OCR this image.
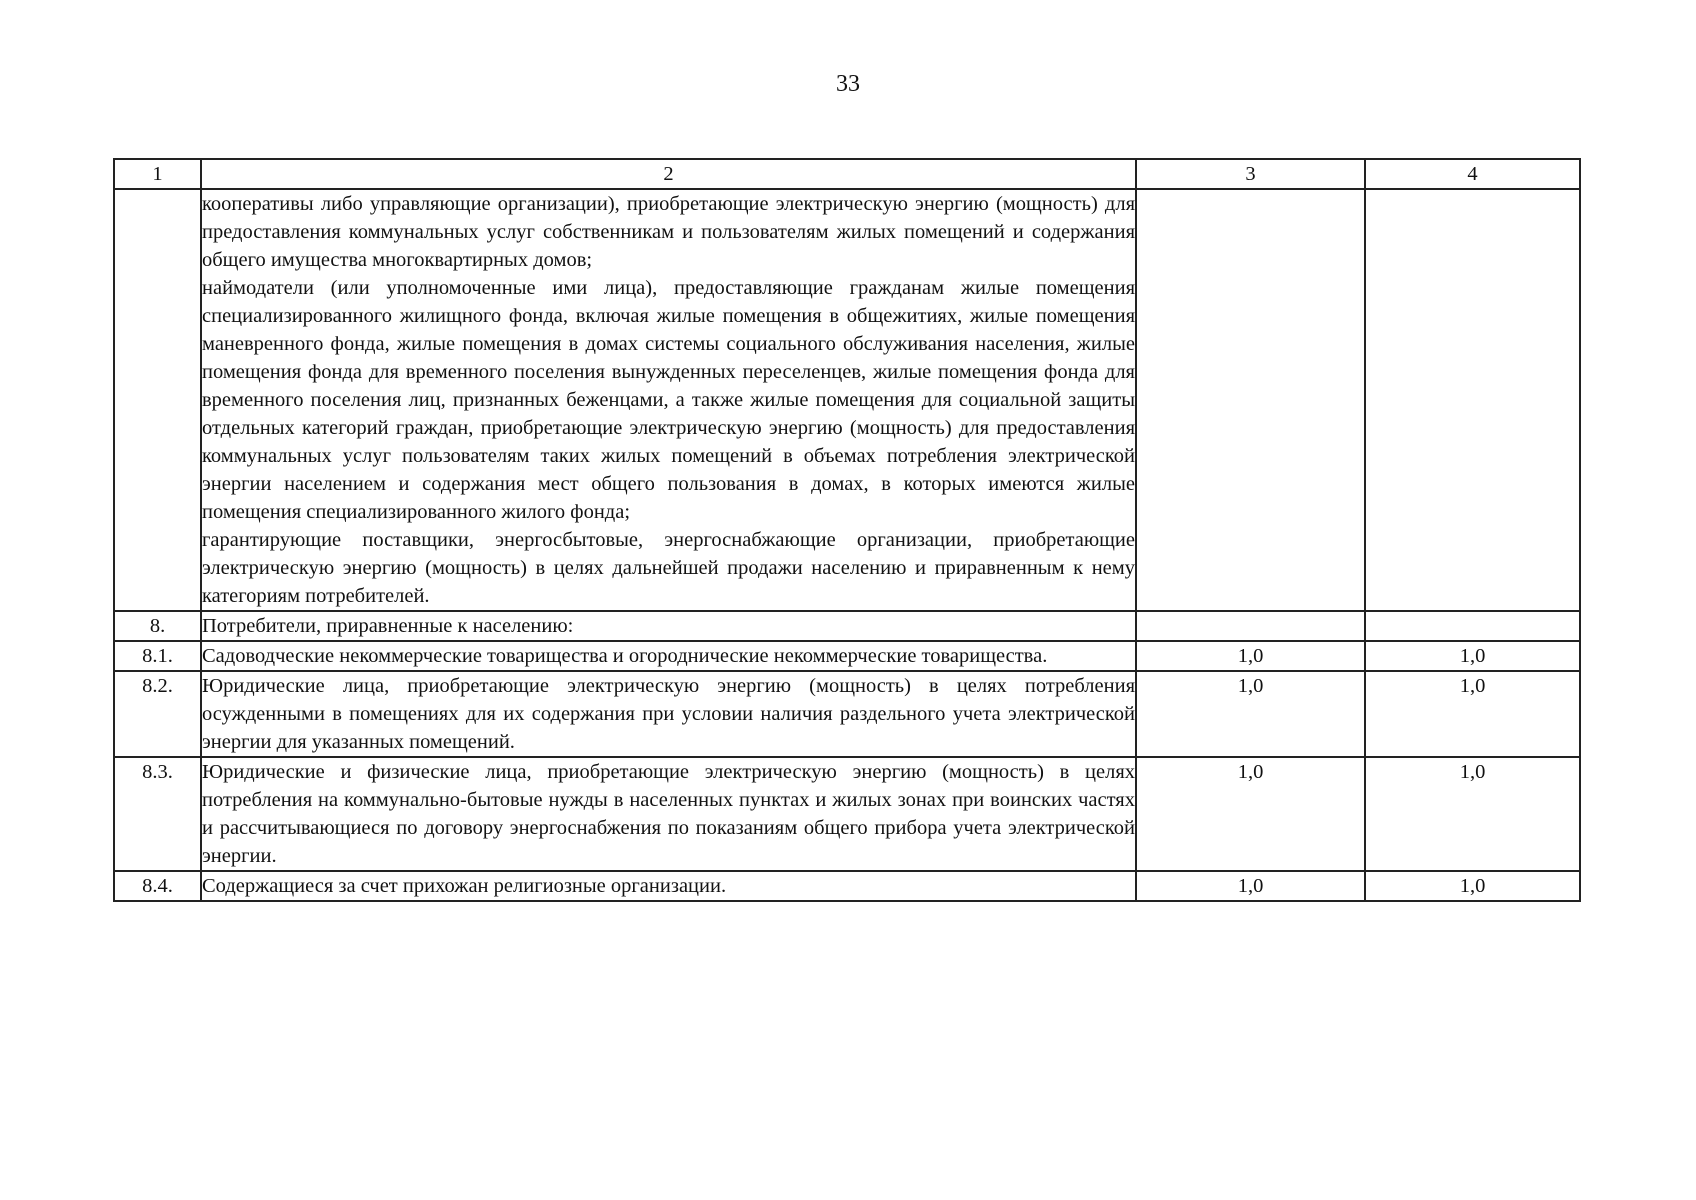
33
1	2	3	4

	кооперативы либо управляющие организации), приобретающие электрическую энергию (мощность) для предоставления коммунальных услуг собственникам и пользователям жилых помещений и содержания общего имущества многоквартирных домов;
наймодатели (или уполномоченные ими лица), предоставляющие гражданам жилые помещения специализированного жилищного фонда, включая жилые помещения в общежитиях, жилые помещения маневренного фонда, жилые помещения в домах системы социального обслуживания населения, жилые помещения фонда для временного поселения вынужденных переселенцев, жилые помещения фонда для временного поселения лиц, признанных беженцами, а также жилые помещения для социальной защиты отдельных категорий граждан, приобретающие электрическую энергию (мощность) для предоставления коммунальных услуг пользователям таких жилых помещений в объемах потребления электрической энергии населением и содержания мест общего пользования в домах, в которых имеются жилые помещения специализированного жилого фонда;
гарантирующие поставщики, энергосбытовые, энергоснабжающие организации, приобретающие электрическую энергию (мощность) в целях дальнейшей продажи населению и приравненным к нему категориям потребителей.		

8.	Потребители, приравненные к населению:		
8.1.	Садоводческие некоммерческие товарищества и огороднические некоммерческие товарищества.	1,0	1,0
8.2.	Юридические лица, приобретающие электрическую энергию (мощность) в целях потребления осужденными в помещениях для их содержания при условии наличия раздельного учета электрической энергии для указанных помещений.	1,0	1,0
8.3.	Юридические и физические лица, приобретающие электрическую энергию (мощность) в целях потребления на коммунально-бытовые нужды в населенных пунктах и жилых зонах при воинских частях и рассчитывающиеся по договору энергоснабжения по показаниям общего прибора учета электрической энергии.	1,0	1,0
8.4.	Содержащиеся за счет прихожан религиозные организации.	1,0	1,0
